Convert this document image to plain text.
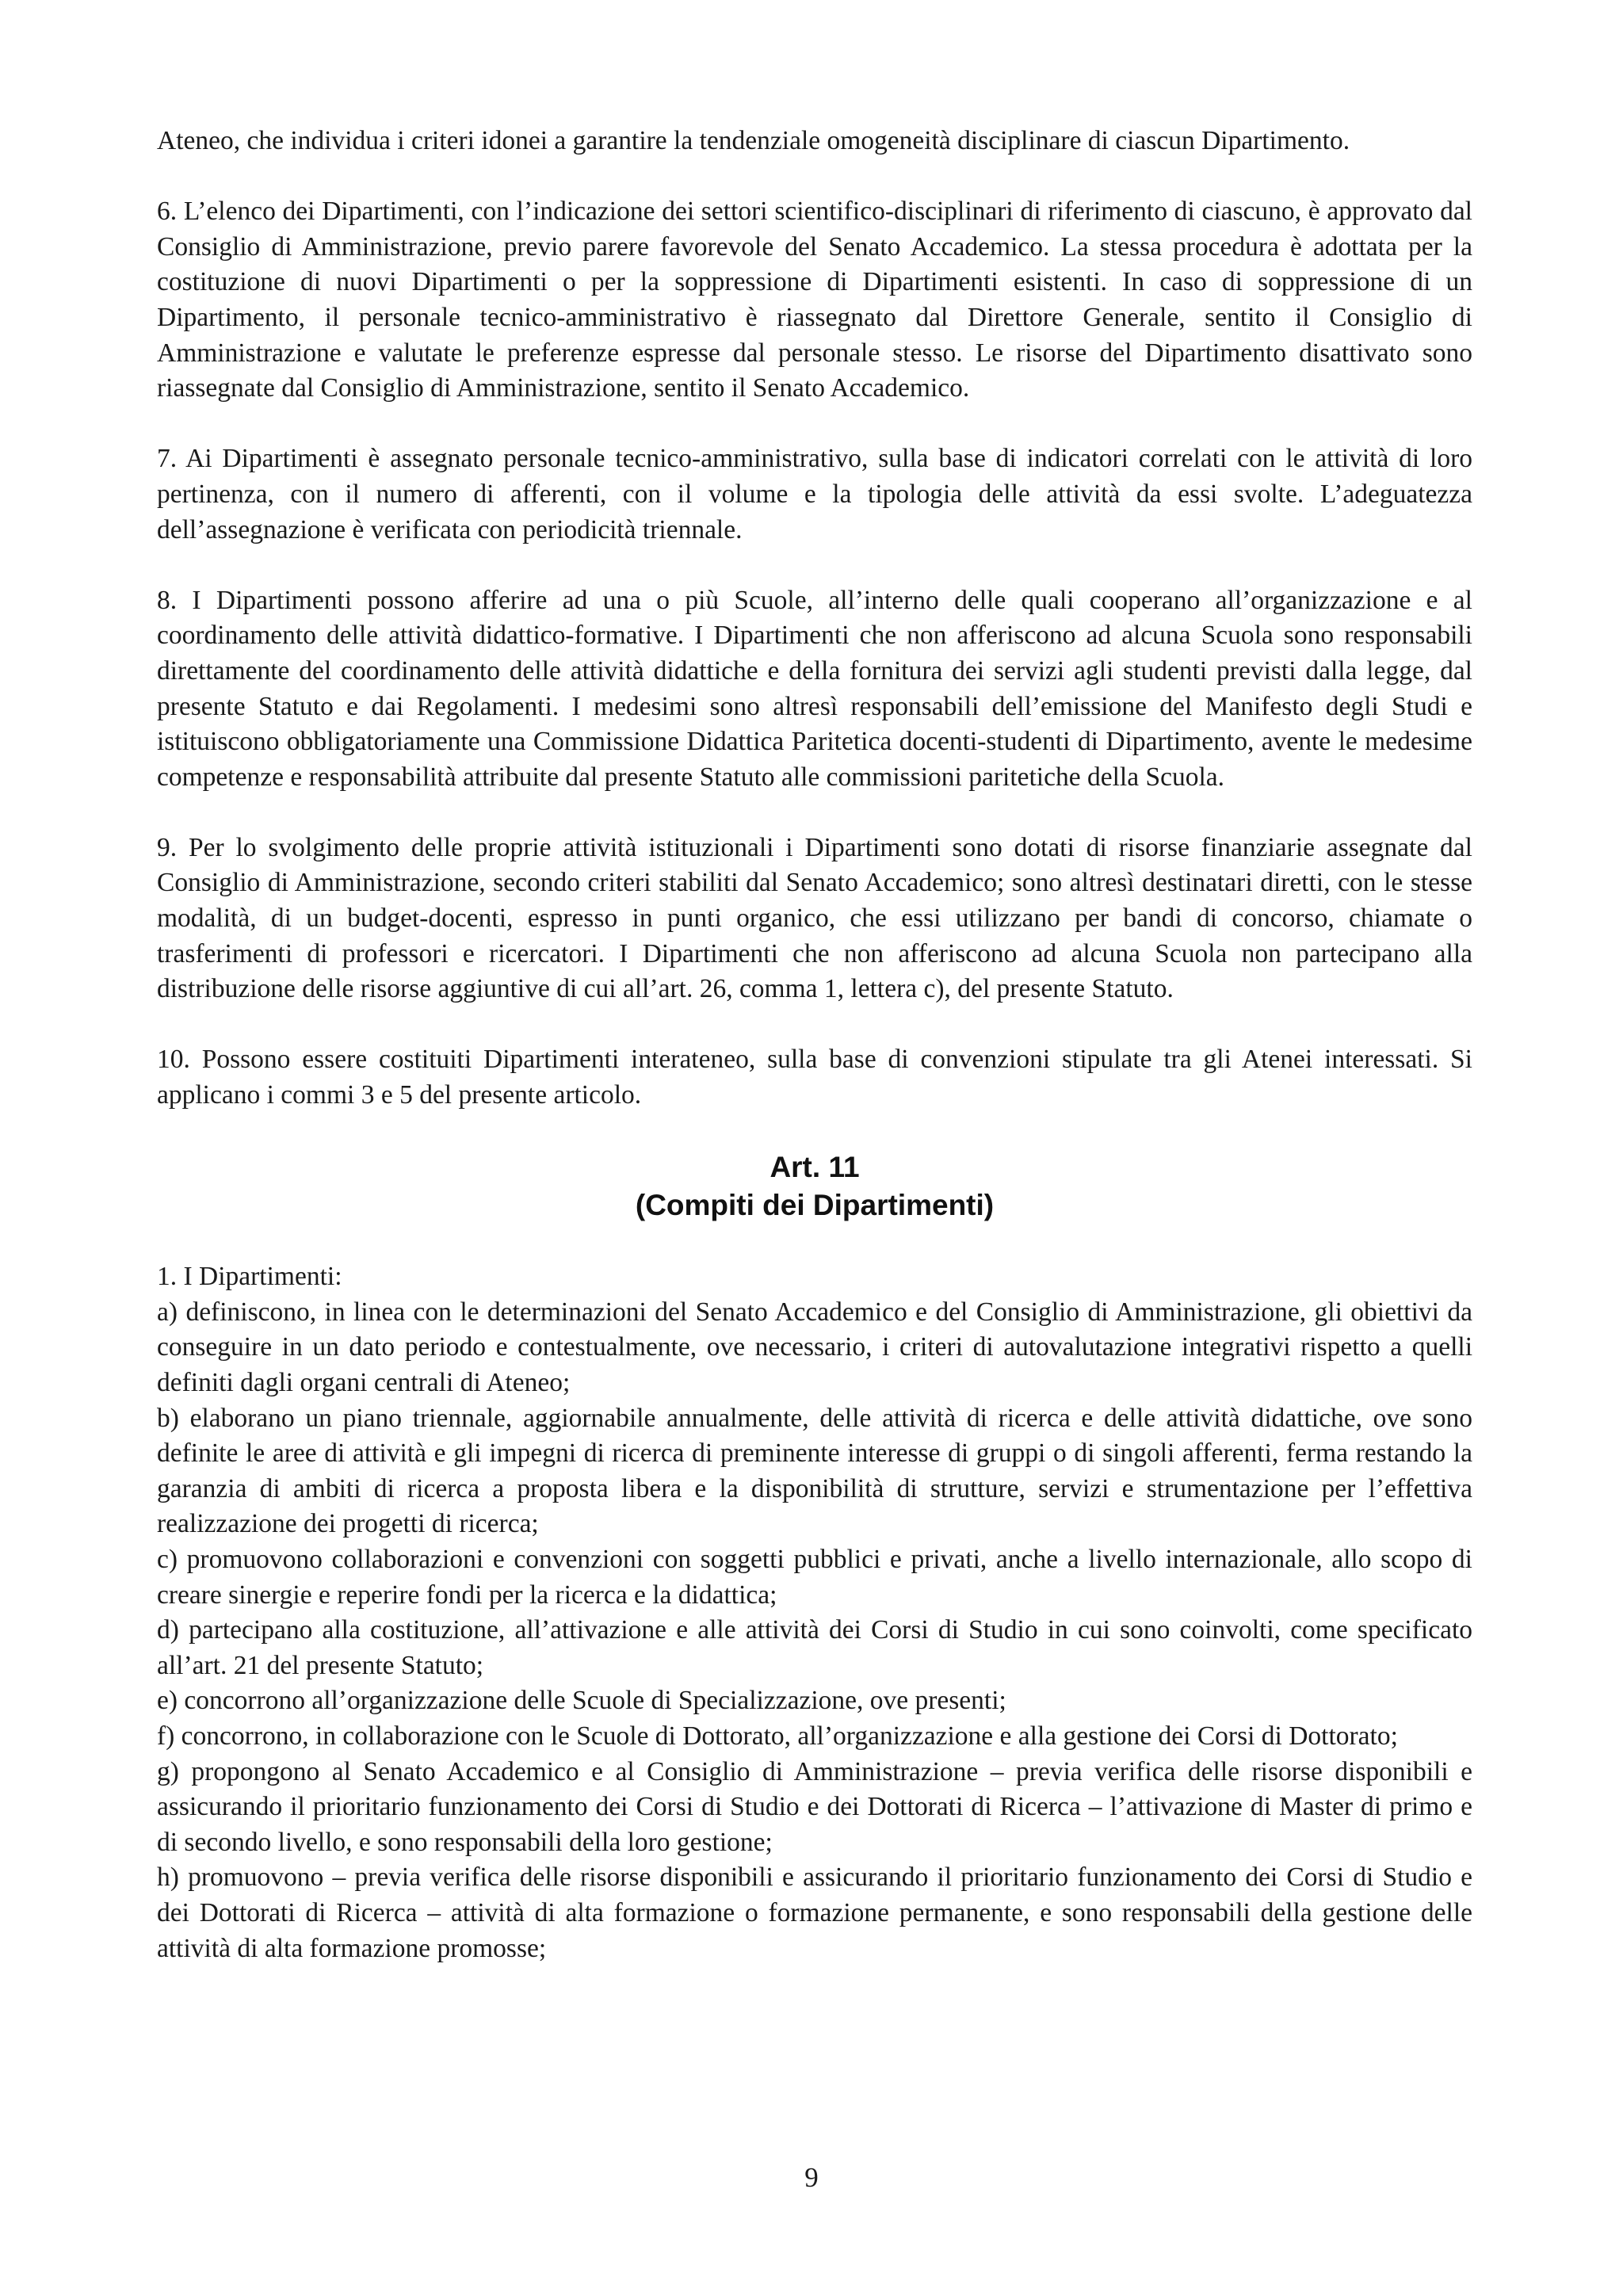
Ateneo, che individua i criteri idonei a garantire la tendenziale omogeneità disciplinare di ciascun Dipartimento.

6. L’elenco dei Dipartimenti, con l’indicazione dei settori scientifico-disciplinari di riferimento di ciascuno, è approvato dal Consiglio di Amministrazione, previo parere favorevole del Senato Accademico. La stessa procedura è adottata per la costituzione di nuovi Dipartimenti o per la soppressione di Dipartimenti esistenti. In caso di soppressione di un Dipartimento, il personale tecnico-amministrativo è riassegnato dal Direttore Generale, sentito il Consiglio di Amministrazione e valutate le preferenze espresse dal personale stesso. Le risorse del Dipartimento disattivato sono riassegnate dal Consiglio di Amministrazione, sentito il Senato Accademico.

7. Ai Dipartimenti è assegnato personale tecnico-amministrativo, sulla base di indicatori correlati con le attività di loro pertinenza, con il numero di afferenti, con il volume e la tipologia delle attività da essi svolte. L’adeguatezza dell’assegnazione è verificata con periodicità triennale.

8. I Dipartimenti possono afferire ad una o più Scuole, all’interno delle quali cooperano all’organizzazione e al coordinamento delle attività didattico-formative. I Dipartimenti che non afferiscono ad alcuna Scuola sono responsabili direttamente del coordinamento delle attività didattiche e della fornitura dei servizi agli studenti previsti dalla legge, dal presente Statuto e dai Regolamenti. I medesimi sono altresì responsabili dell’emissione del Manifesto degli Studi e istituiscono obbligatoriamente una Commissione Didattica Paritetica docenti-studenti di Dipartimento, avente le medesime competenze e responsabilità attribuite dal presente Statuto alle commissioni paritetiche della Scuola.

9. Per lo svolgimento delle proprie attività istituzionali i Dipartimenti sono dotati di risorse finanziarie assegnate dal Consiglio di Amministrazione, secondo criteri stabiliti dal Senato Accademico; sono altresì destinatari diretti, con le stesse modalità, di un budget-docenti, espresso in punti organico, che essi utilizzano per bandi di concorso, chiamate o trasferimenti di professori e ricercatori. I Dipartimenti che non afferiscono ad alcuna Scuola non partecipano alla distribuzione delle risorse aggiuntive di cui all’art. 26, comma 1, lettera c), del presente Statuto.

10. Possono essere costituiti Dipartimenti interateneo, sulla base di convenzioni stipulate tra gli Atenei interessati. Si applicano i commi 3 e 5 del presente articolo.

Art. 11
(Compiti dei Dipartimenti)

1. I Dipartimenti:

a) definiscono, in linea con le determinazioni del Senato Accademico e del Consiglio di Amministrazione, gli obiettivi da conseguire in un dato periodo e contestualmente, ove necessario, i criteri di autovalutazione integrativi rispetto a quelli definiti dagli organi centrali di Ateneo;

b) elaborano un piano triennale, aggiornabile annualmente, delle attività di ricerca e delle attività didattiche, ove sono definite le aree di attività e gli impegni di ricerca di preminente interesse di gruppi o di singoli afferenti, ferma restando la garanzia di ambiti di ricerca a proposta libera e la disponibilità di strutture, servizi e strumentazione per l’effettiva realizzazione dei progetti di ricerca;

c) promuovono collaborazioni e convenzioni con soggetti pubblici e privati, anche a livello internazionale, allo scopo di creare sinergie e reperire fondi per la ricerca e la didattica;

d) partecipano alla costituzione, all’attivazione e alle attività dei Corsi di Studio in cui sono coinvolti, come specificato all’art. 21 del presente Statuto;

e) concorrono all’organizzazione delle Scuole di Specializzazione, ove presenti;

f) concorrono, in collaborazione con le Scuole di Dottorato, all’organizzazione e alla gestione dei Corsi di Dottorato;

g) propongono al Senato Accademico e al Consiglio di Amministrazione – previa verifica delle risorse disponibili e assicurando il prioritario funzionamento dei Corsi di Studio e dei Dottorati di Ricerca – l’attivazione di Master di primo e di secondo livello, e sono responsabili della loro gestione;

h) promuovono – previa verifica delle risorse disponibili e assicurando il prioritario funzionamento dei Corsi di Studio e dei Dottorati di Ricerca – attività di alta formazione o formazione permanente, e sono responsabili della gestione delle attività di alta formazione promosse;

9
